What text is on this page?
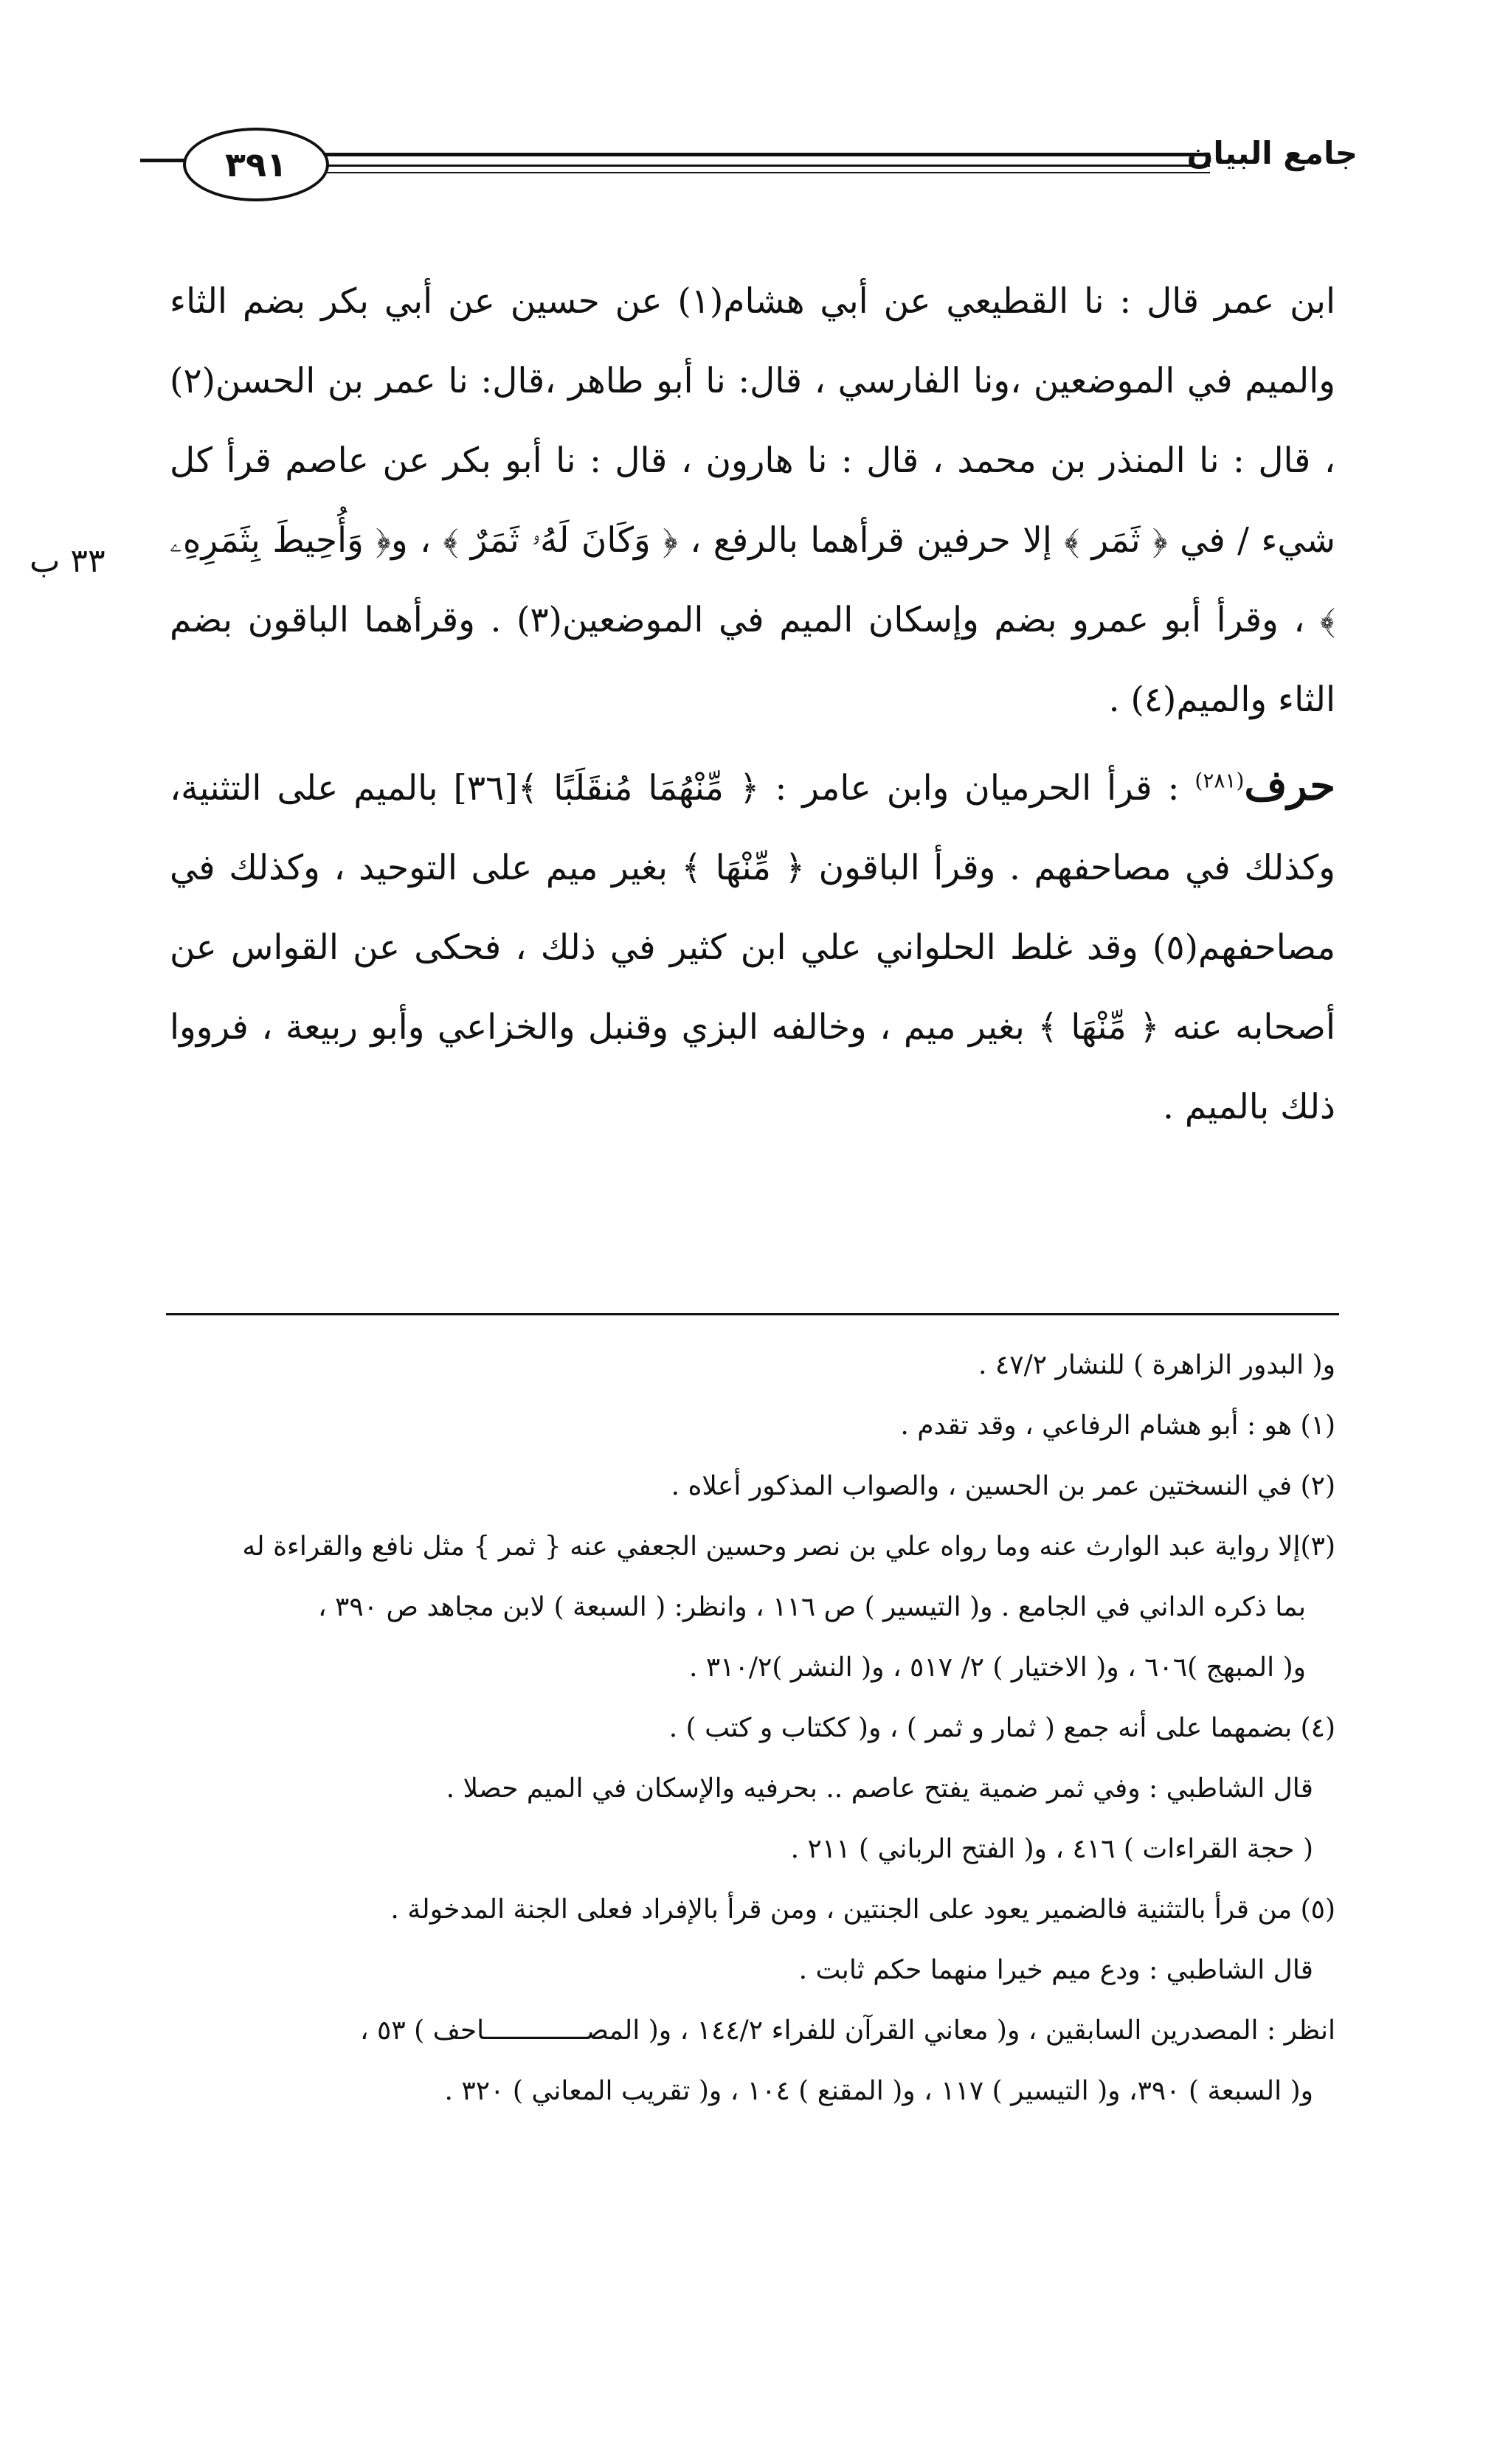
٣٩١	جامع البيان
٣٣ ب

ابن عمر قال : نا القطيعي عن أبي هشام(١) عن حسين عن أبي بكر بضم الثاء والميم في الموضعين ،ونا الفارسي ، قال: نا أبو طاهر ،قال: نا عمر بن الحسن(٢) ، قال : نا المنذر بن محمد ، قال : نا هارون ، قال : نا أبو بكر عن عاصم قرأ كل شيء / في ﴿ ثَمَر ﴾ إلا حرفين قرأهما بالرفع ، ﴿ وَكَانَ لَهُۥ ثَمَرٌ ﴾ ، و﴿ وَأُحِيطَ بِثَمَرِهِۦ ﴾ ، وقرأ أبو عمرو بضم وإسكان الميم في الموضعين(٣) . وقرأهما الباقون بضم الثاء والميم(٤) .

حرف$^{(٢٨١)}$ : قرأ الحرميان وابن عامر : ﴿ مِّنْهُمَا مُنقَلَبًا ﴾[٣٦] بالميم على التثنية، وكذلك في مصاحفهم . وقرأ الباقون ﴿ مِّنْهَا ﴾ بغير ميم على التوحيد ، وكذلك في مصاحفهم(٥) وقد غلط الحلواني علي ابن كثير في ذلك ، فحكى عن القواس عن أصحابه عنه ﴿ مِّنْهَا ﴾ بغير ميم ، وخالفه البزي وقنبل والخزاعي وأبو ربيعة ، فرووا ذلك بالميم .

و( البدور الزاهرة ) للنشار ٤٧/٢ .

(١) هو : أبو هشام الرفاعي ، وقد تقدم .

(٢) في النسختين عمر بن الحسين ، والصواب المذكور أعلاه .

(٣)إلا رواية عبد الوارث عنه وما رواه علي بن نصر وحسين الجعفي عنه { ثمر } مثل نافع والقراءة له

بما ذكره الداني في الجامع . و( التيسير ) ص ١١٦ ، وانظر: ( السبعة ) لابن مجاهد ص ٣٩٠ ،

و( المبهج )٦٠٦ ، و( الاختيار ) ٢/ ٥١٧ ، و( النشر )٣١٠/٢ .

(٤) بضمهما على أنه جمع ( ثمار و ثمر ) ، و( ككتاب و كتب ) .

قال الشاطبي : وفي ثمر ضمية يفتح عاصم .. بحرفيه والإسكان في الميم حصلا .

( حجة القراءات ) ٤١٦ ، و( الفتح الرباني ) ٢١١ .

(٥) من قرأ بالتثنية فالضمير يعود على الجنتين ، ومن قرأ بالإفراد فعلى الجنة المدخولة .

قال الشاطبي : ودع ميم خيرا منهما حكم ثابت .

انظر : المصدرين السابقين ، و( معاني القرآن للفراء ١٤٤/٢ ، و( المصـــــــــــــاحف ) ٥٣ ،

و( السبعة ) ٣٩٠، و( التيسير ) ١١٧ ، و( المقنع ) ١٠٤ ، و( تقريب المعاني ) ٣٢٠ .
